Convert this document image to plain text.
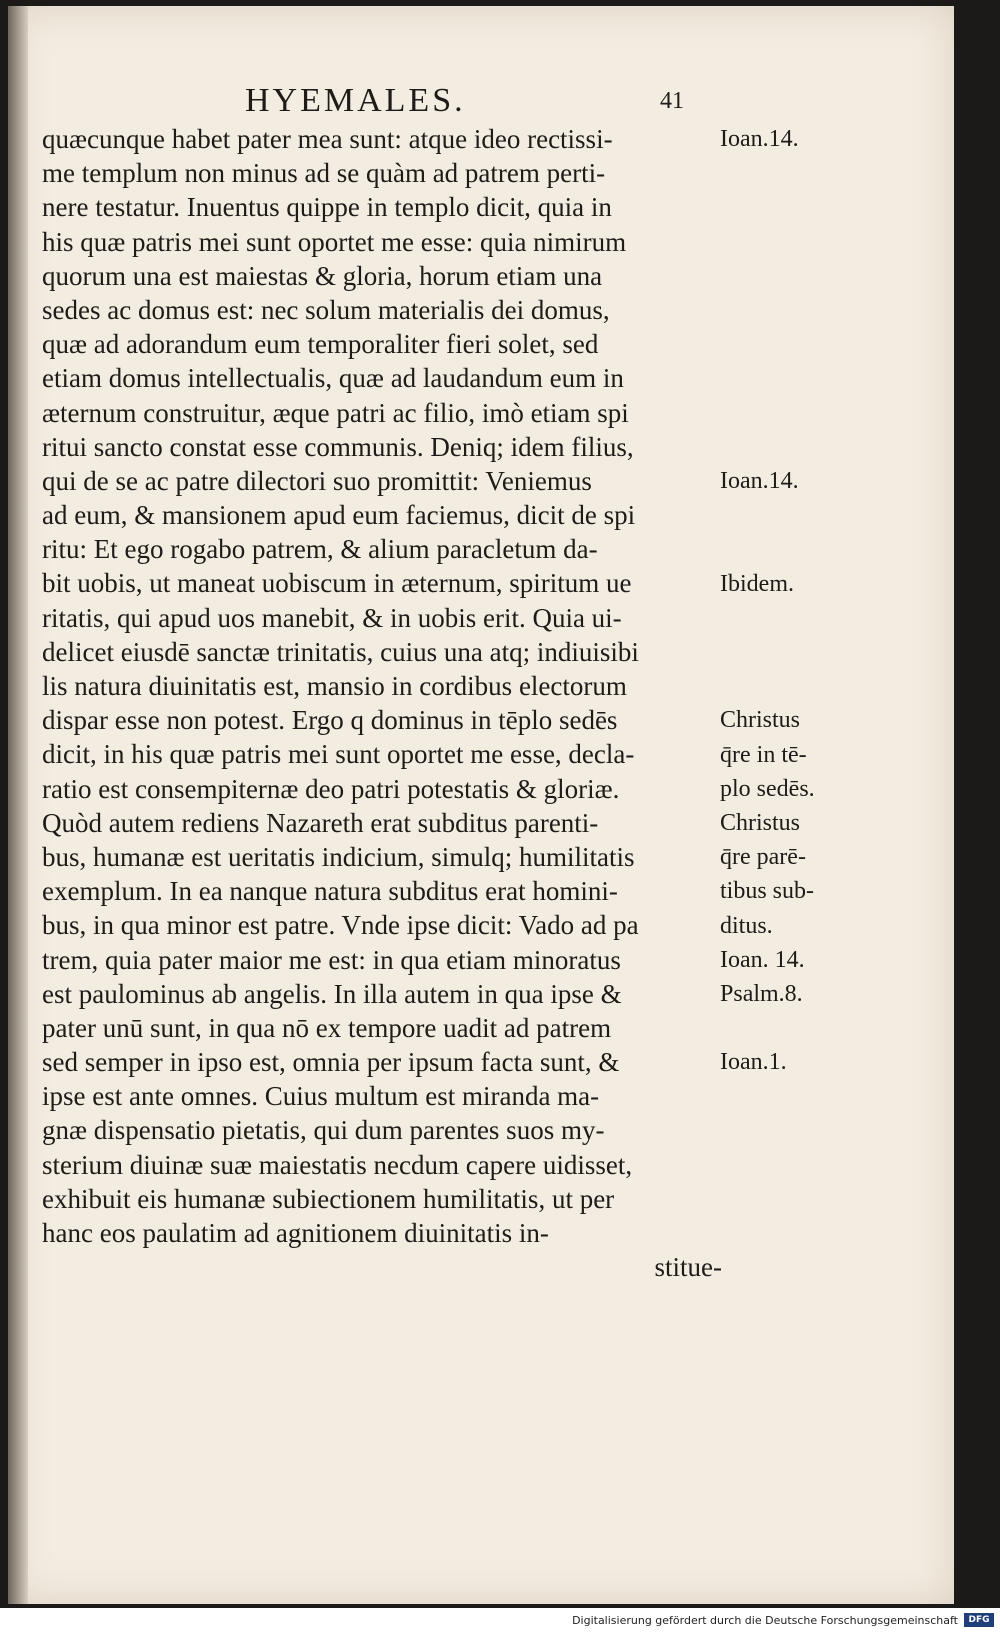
HYEMALES.	41
quæcunque habet pater mea sunt: atque ideo rectissi-
me templum non minus ad se quàm ad patrem perti-
nere testatur. Inuentus quippe in templo dicit, quia in
his quæ patris mei sunt oportet me esse: quia nimirum
quorum una est maiestas & gloria, horum etiam una
sedes ac domus est: nec solum materialis dei domus,
quæ ad adorandum eum temporaliter fieri solet, sed
etiam domus intellectualis, quæ ad laudandum eum in
æternum construitur, æque patri ac filio, imò etiam spi
ritui sancto constat esse communis. Deniq; idem filius,
qui de se ac patre dilectori suo promittit: Veniemus
ad eum, & mansionem apud eum faciemus, dicit de spi
ritu: Et ego rogabo patrem, & alium paracletum da-
bit uobis, ut maneat uobiscum in æternum, spiritum ue
ritatis, qui apud uos manebit, & in uobis erit. Quia ui-
delicet eiusdē sanctæ trinitatis, cuius una atq; indiuisibi
lis natura diuinitatis est, mansio in cordibus electorum
dispar esse non potest. Ergo q dominus in tēplo sedēs
dicit, in his quæ patris mei sunt oportet me esse, decla-
ratio est consempiternæ deo patri potestatis & gloriæ.
Quòd autem rediens Nazareth erat subditus parenti-
bus, humanæ est ueritatis indicium, simulq; humilitatis
exemplum. In ea nanque natura subditus erat homini-
bus, in qua minor est patre. Vnde ipse dicit: Vado ad pa
trem, quia pater maior me est: in qua etiam minoratus
est paulominus ab angelis. In illa autem in qua ipse &
pater unū sunt, in qua nō ex tempore uadit ad patrem
sed semper in ipso est, omnia per ipsum facta sunt, &
ipse est ante omnes. Cuius multum est miranda ma-
gnæ dispensatio pietatis, qui dum parentes suos my-
sterium diuinæ suæ maiestatis necdum capere uidisset,
exhibuit eis humanæ subiectionem humilitatis, ut per
hanc eos paulatim ad agnitionem diuinitatis in-
stitue-
Ioan.14.
Ioan.14.
Ibidem.
Christus
q̄re in tē-
plo sedēs.
Christus
q̄re parē-
tibus sub-
ditus.
Ioan. 14.
Psalm.8.
Ioan.1.
Digitalisierung gefördert durch die Deutsche Forschungsgemeinschaft	DFG
